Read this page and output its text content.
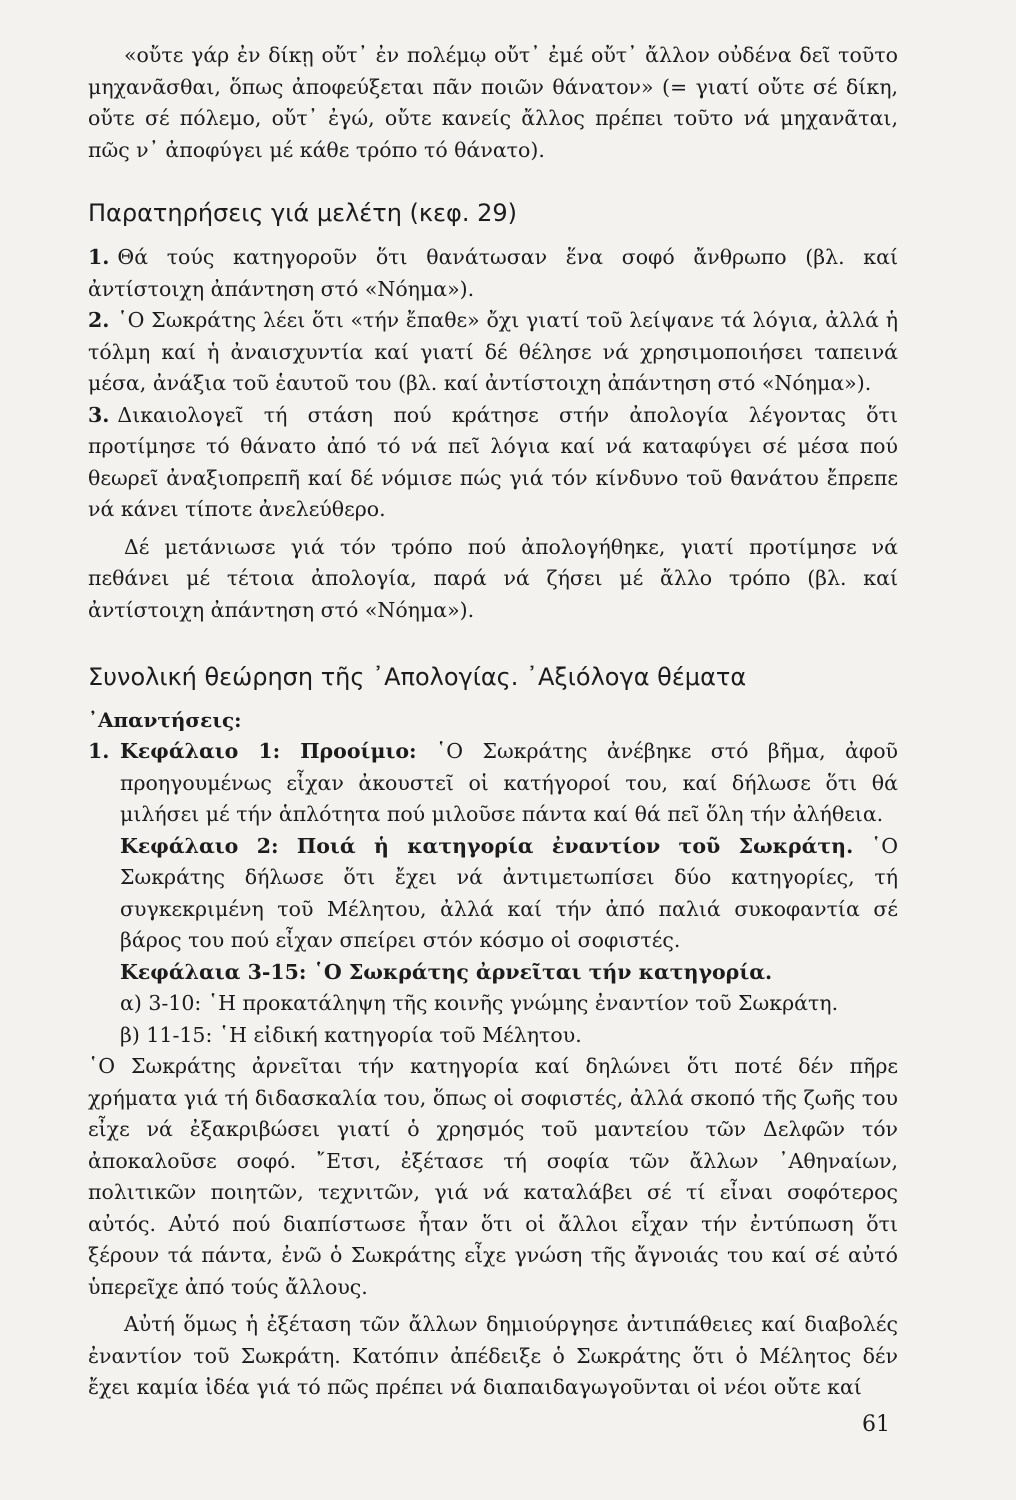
«οὔτε γάρ ἐν δίκῃ οὔτ᾽ ἐν πολέμῳ οὔτ᾽ ἐμέ οὔτ᾽ ἄλλον οὐδένα δεῖ τοῦτο μηχανᾶσθαι, ὅπως ἀποφεύξεται πᾶν ποιῶν θάνατον» (= γιατί οὔτε σέ δίκη, οὔτε σέ πόλεμο, οὔτ᾽ ἐγώ, οὔτε κανείς ἄλλος πρέπει τοῦτο νά μηχανᾶται, πῶς ν᾽ ἀποφύγει μέ κάθε τρόπο τό θάνατο).

Παρατηρήσεις γιά μελέτη (κεφ. 29)

1. Θά τούς κατηγοροῦν ὅτι θανάτωσαν ἕνα σοφό ἄνθρωπο (βλ. καί ἀντίστοιχη ἀπάντηση στό «Νόημα»).

2. ῾Ο Σωκράτης λέει ὅτι «τήν ἔπαθε» ὄχι γιατί τοῦ λείψανε τά λόγια, ἀλλά ἡ τόλμη καί ἡ ἀναισχυντία καί γιατί δέ θέλησε νά χρησιμοποιήσει ταπεινά μέσα, ἀνάξια τοῦ ἑαυτοῦ του (βλ. καί ἀντίστοιχη ἀπάντηση στό «Νόημα»).

3. Δικαιολογεῖ τή στάση πού κράτησε στήν ἀπολογία λέγοντας ὅτι προτίμησε τό θάνατο ἀπό τό νά πεῖ λόγια καί νά καταφύγει σέ μέσα πού θεωρεῖ ἀναξιοπρεπῆ καί δέ νόμισε πώς γιά τόν κίνδυνο τοῦ θανάτου ἔπρεπε νά κάνει τίποτε ἀνελεύθερο.

Δέ μετάνιωσε γιά τόν τρόπο πού ἀπολογήθηκε, γιατί προτίμησε νά πεθάνει μέ τέτοια ἀπολογία, παρά νά ζήσει μέ ἄλλο τρόπο (βλ. καί ἀντίστοιχη ἀπάντηση στό «Νόημα»).

Συνολική θεώρηση τῆς ᾿Απολογίας. ᾿Αξιόλογα θέματα

᾿Απαντήσεις:

1. Κεφάλαιο 1: Προοίμιο: ῾Ο Σωκράτης ἀνέβηκε στό βῆμα, ἀφοῦ προηγουμένως εἶχαν ἀκουστεῖ οἱ κατήγοροί του, καί δήλωσε ὅτι θά μιλήσει μέ τήν ἁπλότητα πού μιλοῦσε πάντα καί θά πεῖ ὅλη τήν ἀλήθεια.

Κεφάλαιο 2: Ποιά ἡ κατηγορία ἐναντίον τοῦ Σωκράτη. ῾Ο Σωκράτης δήλωσε ὅτι ἔχει νά ἀντιμετωπίσει δύο κατηγορίες, τή συγκεκριμένη τοῦ Μέλητου, ἀλλά καί τήν ἀπό παλιά συκοφαντία σέ βάρος του πού εἶχαν σπείρει στόν κόσμο οἱ σοφιστές.

Κεφάλαια 3-15: ῾Ο Σωκράτης ἀρνεῖται τήν κατηγορία.

α) 3-10: ῾Η προκατάληψη τῆς κοινῆς γνώμης ἐναντίον τοῦ Σωκράτη.

β) 11-15: ῾Η εἰδική κατηγορία τοῦ Μέλητου.

῾Ο Σωκράτης ἀρνεῖται τήν κατηγορία καί δηλώνει ὅτι ποτέ δέν πῆρε χρήματα γιά τή διδασκαλία του, ὅπως οἱ σοφιστές, ἀλλά σκοπό τῆς ζωῆς του εἶχε νά ἐξακριβώσει γιατί ὁ χρησμός τοῦ μαντείου τῶν Δελφῶν τόν ἀποκαλοῦσε σοφό. ῎Ετσι, ἐξέτασε τή σοφία τῶν ἄλλων ᾿Αθηναίων, πολιτικῶν ποιητῶν, τεχνιτῶν, γιά νά καταλάβει σέ τί εἶναι σοφότερος αὐτός. Αὐτό πού διαπίστωσε ἦταν ὅτι οἱ ἄλλοι εἶχαν τήν ἐντύπωση ὅτι ξέρουν τά πάντα, ἐνῶ ὁ Σωκράτης εἶχε γνώση τῆς ἄγνοιάς του καί σέ αὐτό ὑπερεῖχε ἀπό τούς ἄλλους.

Αὐτή ὅμως ἡ ἐξέταση τῶν ἄλλων δημιούργησε ἀντιπάθειες καί διαβολές ἐναντίον τοῦ Σωκράτη. Κατόπιν ἀπέδειξε ὁ Σωκράτης ὅτι ὁ Μέλητος δέν ἔχει καμία ἰδέα γιά τό πῶς πρέπει νά διαπαιδαγωγοῦνται οἱ νέοι οὔτε καί

61
